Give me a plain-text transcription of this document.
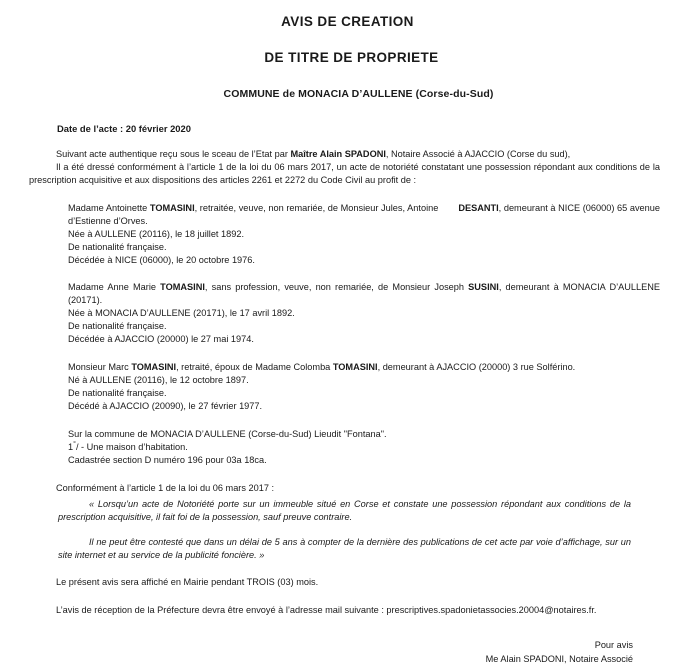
AVIS DE CREATION
DE TITRE DE PROPRIETE
COMMUNE de MONACIA D’AULLENE (Corse-du-Sud)
Date de l’acte : 20 février 2020
Suivant acte authentique reçu sous le sceau de l’Etat par Maître Alain SPADONI, Notaire Associé à AJACCIO (Corse du sud),
Il a été dressé conformément à l’article 1 de la loi du 06 mars 2017, un acte de notoriété constatant une possession répondant aux conditions de la prescription acquisitive et aux dispositions des articles 2261 et 2272 du Code Civil au profit de :
Madame Antoinette TOMASINI, retraitée, veuve, non remariée, de Monsieur Jules, Antoine DESANTI, demeurant à NICE (06000) 65 avenue d’Estienne d’Orves.
Née à AULLENE (20116), le 18 juillet 1892.
De nationalité française.
Décédée à NICE (06000), le 20 octobre 1976.
Madame Anne Marie TOMASINI, sans profession, veuve, non remariée, de Monsieur Joseph SUSINI, demeurant à MONACIA D’AULLENE (20171).
Née à MONACIA D’AULLENE (20171), le 17 avril 1892.
De nationalité française.
Décédée à AJACCIO (20000) le 27 mai 1974.
Monsieur Marc TOMASINI, retraité, époux de Madame Colomba TOMASINI, demeurant à AJACCIO (20000) 3 rue Solférino.
Né à AULLENE (20116), le 12 octobre 1897.
De nationalité française.
Décédé à AJACCIO (20090), le 27 février 1977.
Sur la commune de MONACIA D’AULLENE (Corse-du-Sud) Lieudit "Fontana".
1°/ - Une maison d’habitation.
Cadastrée section D numéro 196 pour 03a 18ca.
Conformément à l’article 1 de la loi du 06 mars 2017 :
« Lorsqu’un acte de Notoriété porte sur un immeuble situé en Corse et constate une possession répondant aux conditions de la prescription acquisitive, il fait foi de la possession, sauf preuve contraire.
Il ne peut être contesté que dans un délai de 5 ans à compter de la dernière des publications de cet acte par voie d’affichage, sur un site internet et au service de la publicité foncière. »
Le présent avis sera affiché en Mairie pendant TROIS (03) mois.
L’avis de réception de la Préfecture devra être envoyé à l’adresse mail suivante : prescriptives.spadonietassocies.20004@notaires.fr.
Pour avis
Me Alain SPADONI, Notaire Associé
